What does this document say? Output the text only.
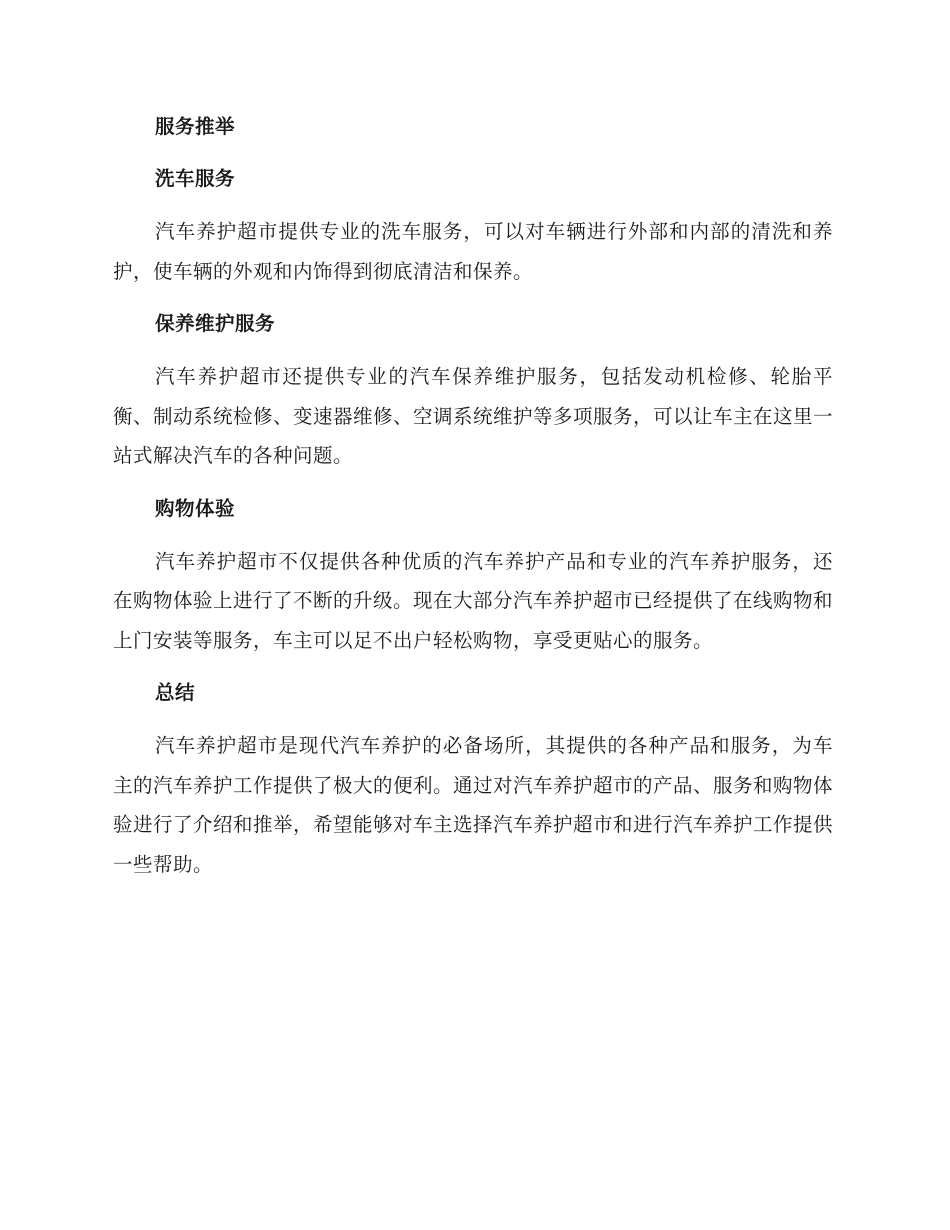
服务推举
洗车服务

汽车养护超市提供专业的洗车服务，可以对车辆进行外部和内部的清洗和养护，使车辆的外观和内饰得到彻底清洁和保养。

保养维护服务

汽车养护超市还提供专业的汽车保养维护服务，包括发动机检修、轮胎平衡、制动系统检修、变速器维修、空调系统维护等多项服务，可以让车主在这里一站式解决汽车的各种问题。

购物体验

汽车养护超市不仅提供各种优质的汽车养护产品和专业的汽车养护服务，还在购物体验上进行了不断的升级。现在大部分汽车养护超市已经提供了在线购物和上门安装等服务，车主可以足不出户轻松购物，享受更贴心的服务。

总结

汽车养护超市是现代汽车养护的必备场所，其提供的各种产品和服务，为车主的汽车养护工作提供了极大的便利。通过对汽车养护超市的产品、服务和购物体验进行了介绍和推举，希望能够对车主选择汽车养护超市和进行汽车养护工作提供一些帮助。
